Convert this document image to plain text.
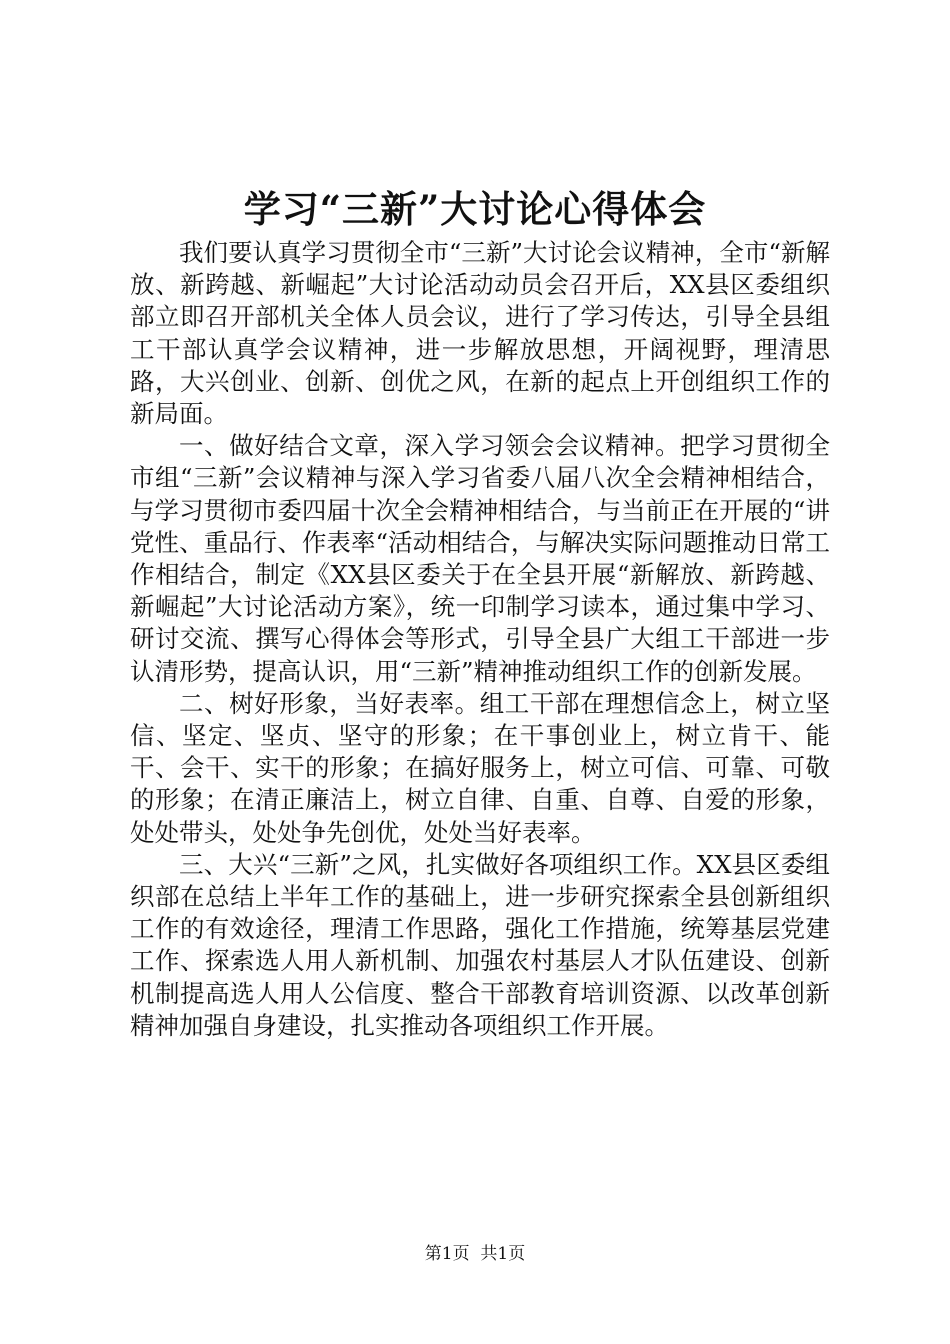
学习“三新”大讨论心得体会

我们要认真学习贯彻全市“三新”大讨论会议精神，全市“新解放、新跨越、新崛起”大讨论活动动员会召开后，XX县区委组织部立即召开部机关全体人员会议，进行了学习传达，引导全县组工干部认真学会议精神，进一步解放思想，开阔视野，理清思路，大兴创业、创新、创优之风，在新的起点上开创组织工作的新局面。

一、做好结合文章，深入学习领会会议精神。把学习贯彻全市组“三新”会议精神与深入学习省委八届八次全会精神相结合，与学习贯彻市委四届十次全会精神相结合，与当前正在开展的“讲党性、重品行、作表率“活动相结合，与解决实际问题推动日常工作相结合，制定《XX县区委关于在全县开展“新解放、新跨越、新崛起”大讨论活动方案》，统一印制学习读本，通过集中学习、研讨交流、撰写心得体会等形式，引导全县广大组工干部进一步认清形势，提高认识，用“三新”精神推动组织工作的创新发展。

二、树好形象，当好表率。组工干部在理想信念上，树立坚信、坚定、坚贞、坚守的形象；在干事创业上，树立肯干、能干、会干、实干的形象；在搞好服务上，树立可信、可靠、可敬的形象；在清正廉洁上，树立自律、自重、自尊、自爱的形象，处处带头，处处争先创优，处处当好表率。

三、大兴“三新”之风，扎实做好各项组织工作。XX县区委组织部在总结上半年工作的基础上，进一步研究探索全县创新组织工作的有效途径，理清工作思路，强化工作措施，统筹基层党建工作、探索选人用人新机制、加强农村基层人才队伍建设、创新机制提高选人用人公信度、整合干部教育培训资源、以改革创新精神加强自身建设，扎实推动各项组织工作开展。

第1页  共1页
